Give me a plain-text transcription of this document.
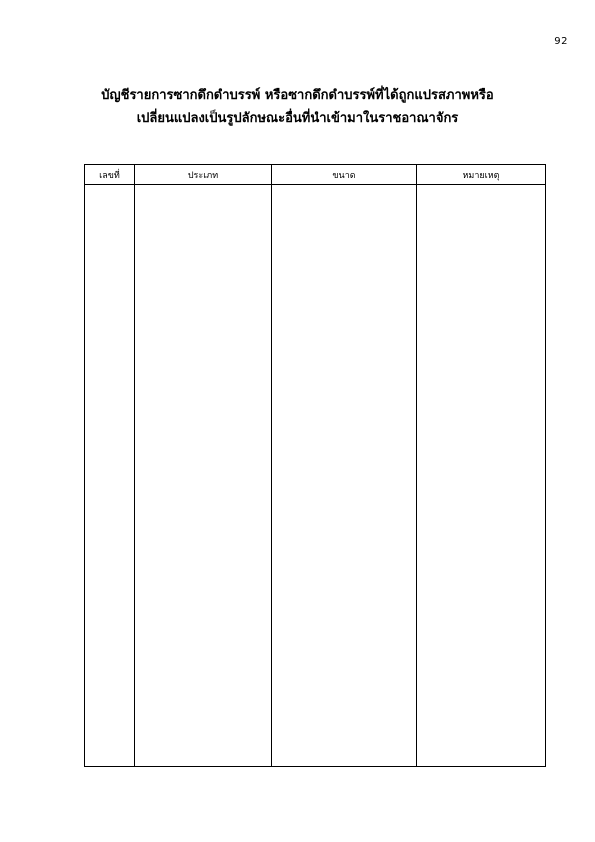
92
บัญชีรายการซากดึกดำบรรพ์ หรือซากดึกดำบรรพ์ที่ได้ถูกแปรสภาพหรือ
เปลี่ยนแปลงเป็นรูปลักษณะอื่นที่นำเข้ามาในราชอาณาจักร
เลขที่	ประเภท	ขนาด	หมายเหตุ
